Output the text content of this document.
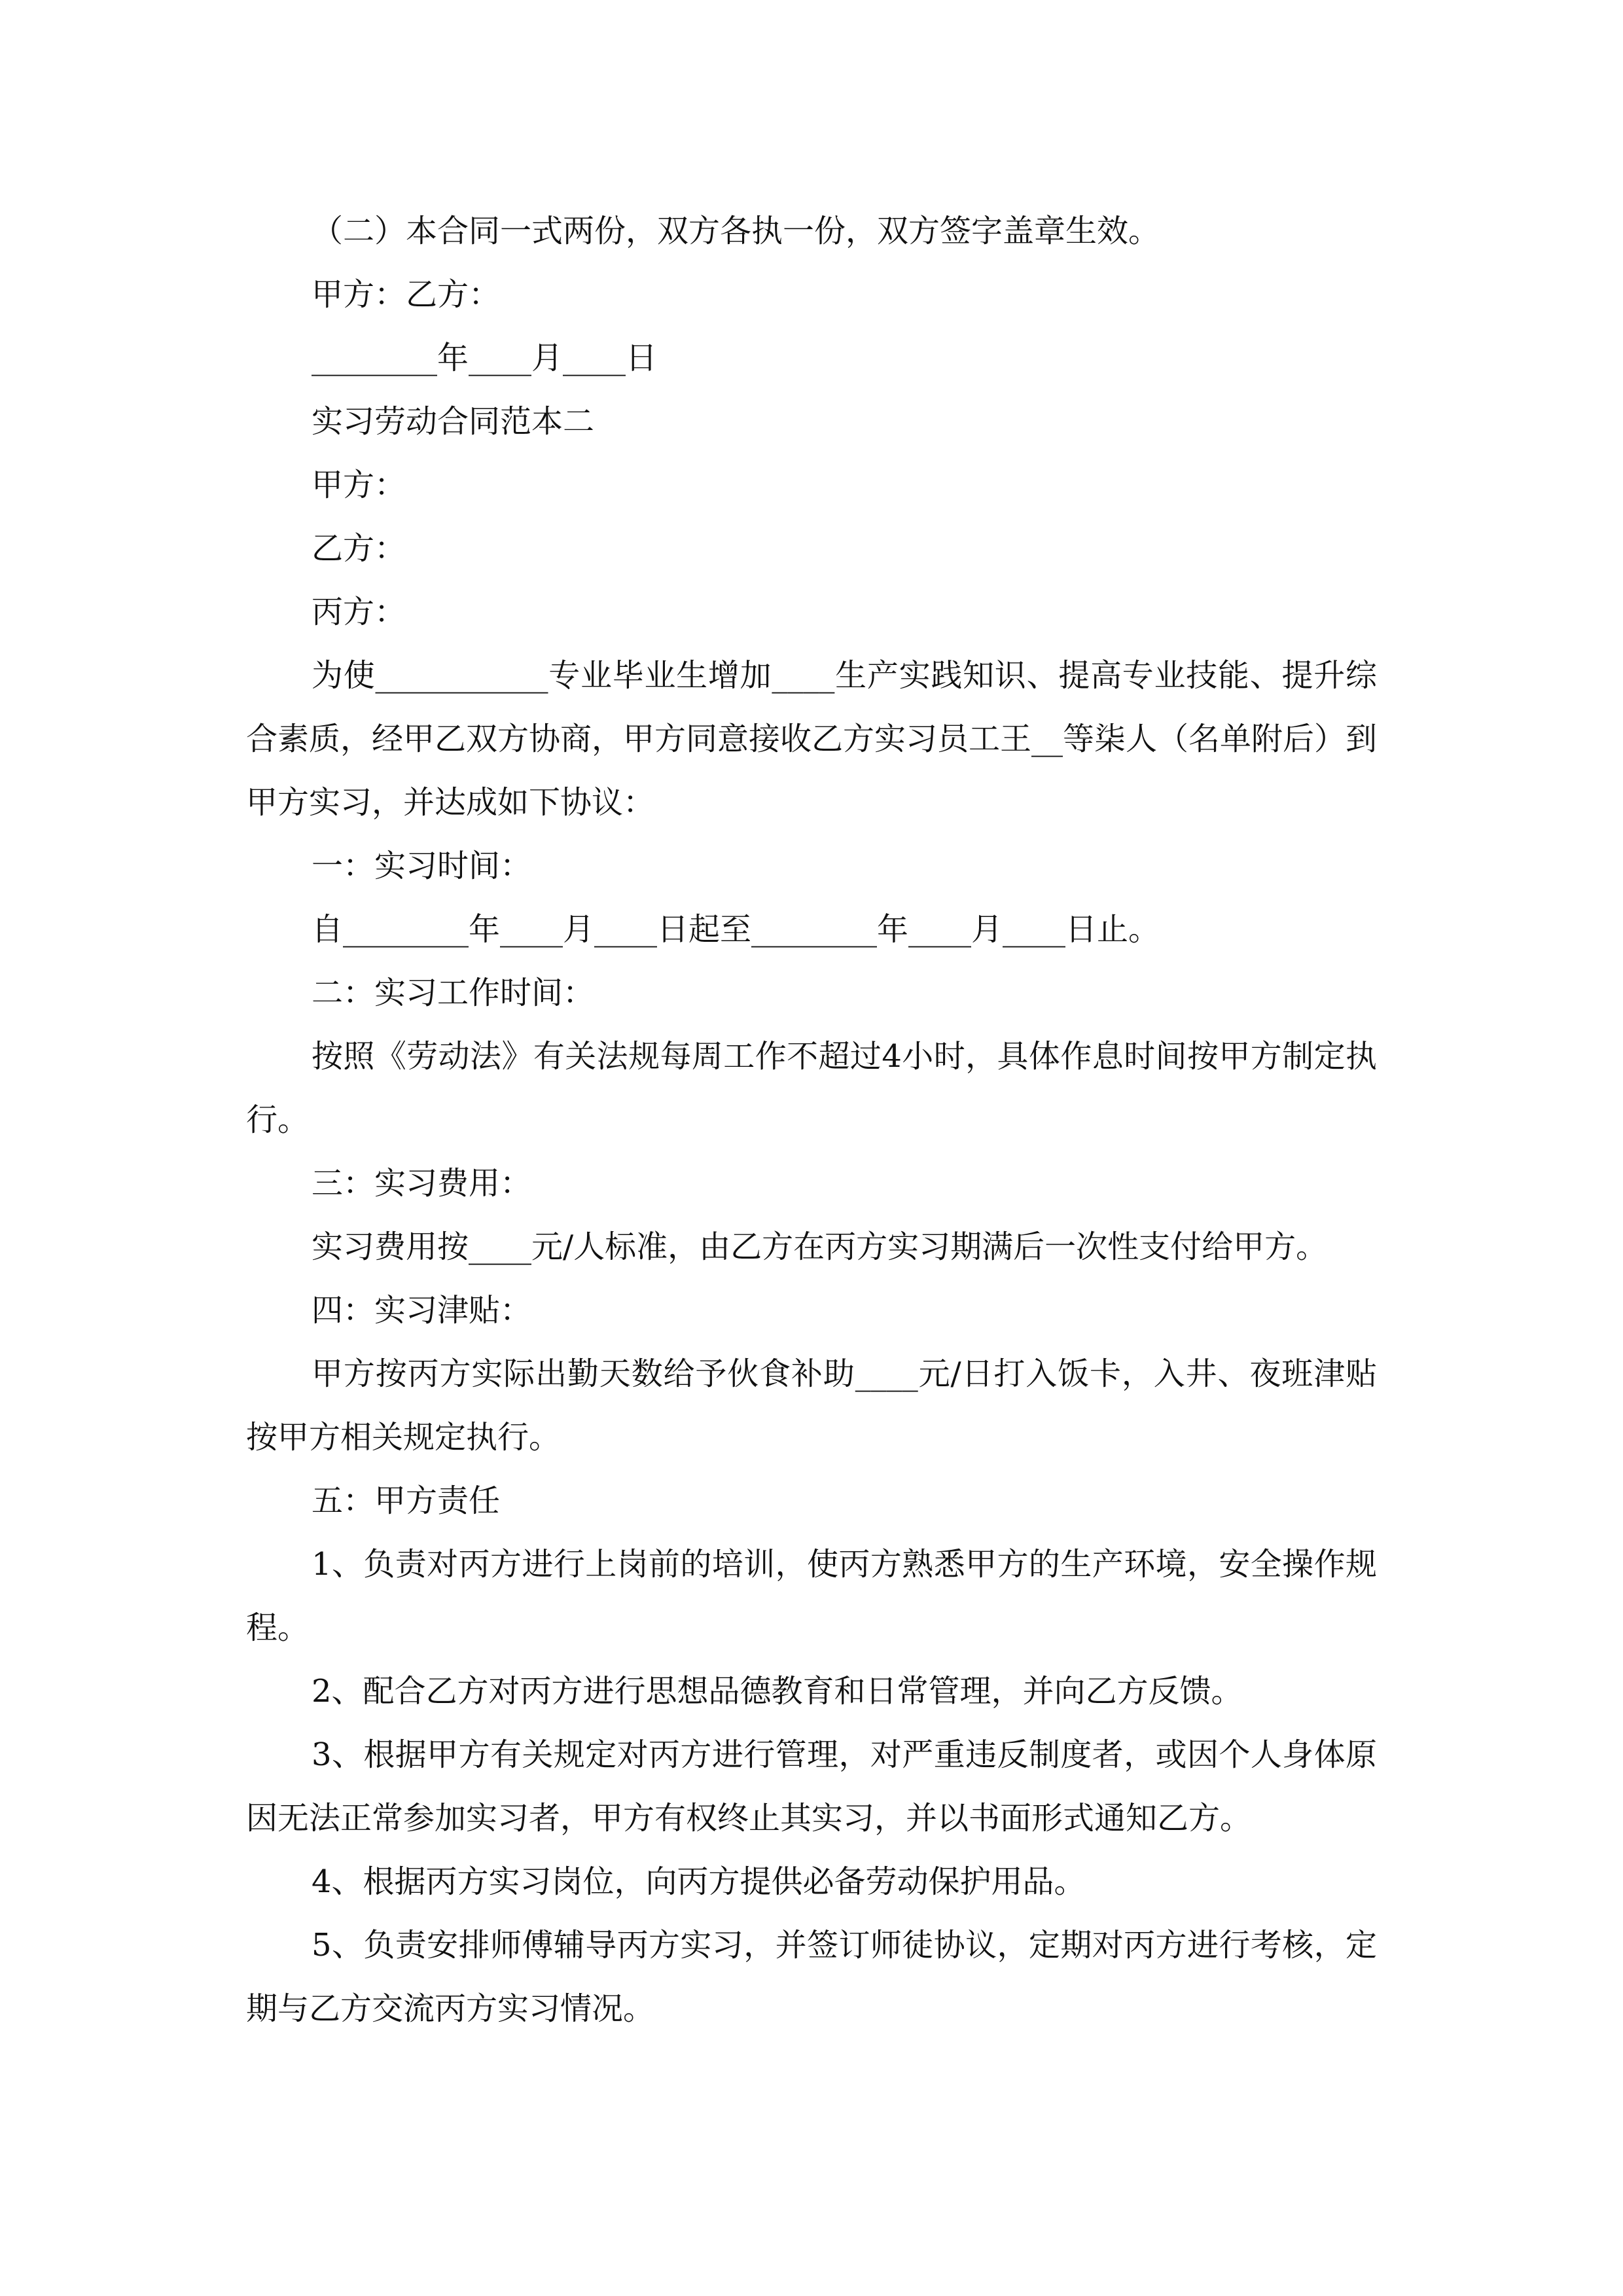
（二）本合同一式两份，双方各执一份，双方签字盖章生效。

甲方：乙方：

________年____月____日

实习劳动合同范本二

甲方：

乙方：

丙方：

为使___________专业毕业生增加____生产实践知识、提高专业技能、提升综合素质，经甲乙双方协商，甲方同意接收乙方实习员工王__等柒人（名单附后）到甲方实习，并达成如下协议：

一：实习时间：

自________年____月____日起至________年____月____日止。

二：实习工作时间：

按照《劳动法》有关法规每周工作不超过4小时，具体作息时间按甲方制定执行。

三：实习费用：

实习费用按____元/人标准，由乙方在丙方实习期满后一次性支付给甲方。

四：实习津贴：

甲方按丙方实际出勤天数给予伙食补助____元/日打入饭卡，入井、夜班津贴按甲方相关规定执行。

五：甲方责任

1、负责对丙方进行上岗前的培训，使丙方熟悉甲方的生产环境，安全操作规程。

2、配合乙方对丙方进行思想品德教育和日常管理，并向乙方反馈。

3、根据甲方有关规定对丙方进行管理，对严重违反制度者，或因个人身体原因无法正常参加实习者，甲方有权终止其实习，并以书面形式通知乙方。

4、根据丙方实习岗位，向丙方提供必备劳动保护用品。

5、负责安排师傅辅导丙方实习，并签订师徒协议，定期对丙方进行考核，定期与乙方交流丙方实习情况。
